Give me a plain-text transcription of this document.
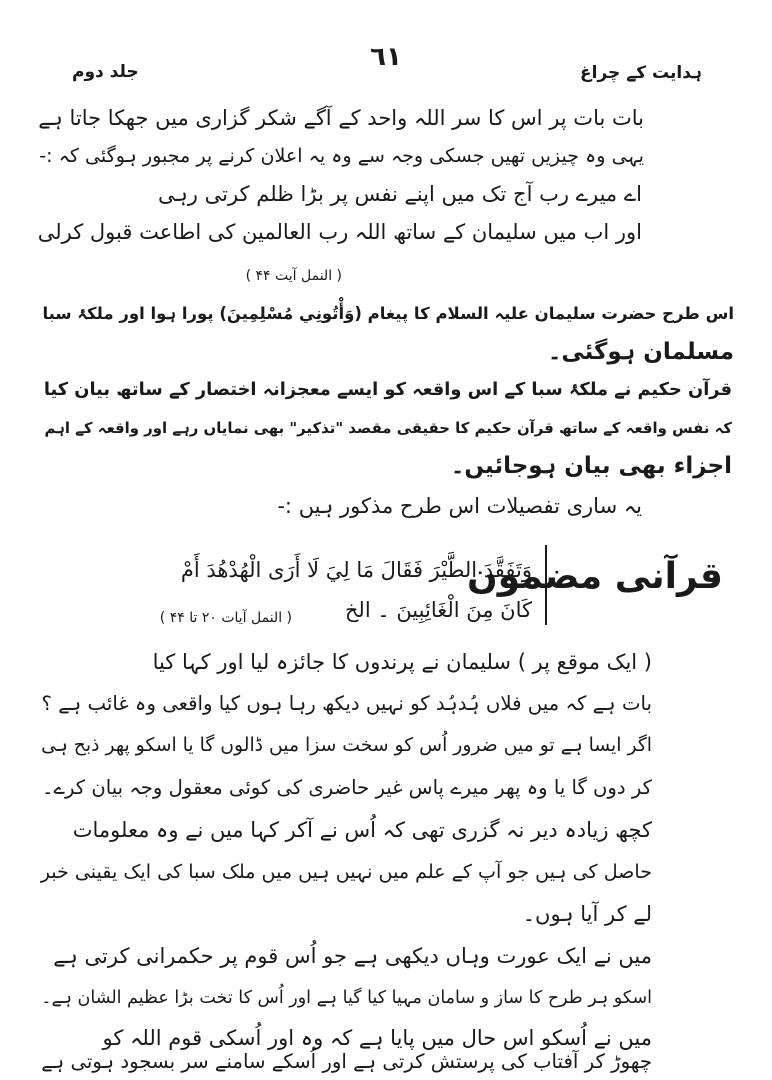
٦١
ہدایت کے چراغ
جلد دوم
بات بات پر اس کا سر اللہ واحد کے آگے شکر گزاری میں جھکا جاتا ہے
یہی وہ چیزیں تھیں جسکی وجہ سے وہ یہ اعلان کرنے پر مجبور ہوگئی کہ :-
اے میرے رب آج تک میں اپنے نفس پر بڑا ظلم کرتی رہی
اور اب میں سلیمان کے ساتھ اللہ رب العالمین کی اطاعت قبول کرلی
( النمل آیت ۴۴ )
اس طرح حضرت سلیمان علیہ السلام کا پیغام (وَأْتُونِي مُسْلِمِينَ) پورا ہوا اور ملکۂ سبا
مسلمان ہوگئی۔
قرآن حکیم نے ملکۂ سبا کے اس واقعہ کو ایسے معجزانہ اختصار کے ساتھ بیان کیا
کہ نفس واقعہ کے ساتھ قرآن حکیم کا حقیقی مقصد "تذکیر" بھی نمایاں رہے اور واقعہ کے اہم
اجزاء بھی بیان ہوجائیں۔
یہ ساری تفصیلات اس طرح مذکور ہیں :-
قرآنی مضمون
وَتَفَقَّدَ الطَّيْرَ فَقَالَ مَا لِيَ لَا أَرَى الْهُدْهُدَ أَمْ
كَانَ مِنَ الْغَائِبِينَ ۔ الخ
( النمل آیات ۲۰ تا ۴۴ )
( ایک موقع پر ) سلیمان نے پرندوں کا جائزہ لیا اور کہا کیا
بات ہے کہ میں فلاں ہُدہُد کو نہیں دیکھ رہا ہوں کیا واقعی وہ غائب ہے ؟
اگر ایسا ہے تو میں ضرور اُس کو سخت سزا میں ڈالوں گا یا اسکو پھر ذبح ہی
کر دوں گا یا وہ پھر میرے پاس غیر حاضری کی کوئی معقول وجہ بیان کرے۔
کچھ زیادہ دیر نہ گزری تھی کہ اُس نے آکر کہا میں نے وہ معلومات
حاصل کی ہیں جو آپ کے علم میں نہیں ہیں میں ملک سبا کی ایک یقینی خبر
لے کر آیا ہوں۔
میں نے ایک عورت وہاں دیکھی ہے جو اُس قوم پر حکمرانی کرتی ہے
اسکو ہر طرح کا ساز و سامان مہیا کیا گیا ہے اور اُس کا تخت بڑا عظیم الشان ہے۔
میں نے اُسکو اس حال میں پایا ہے کہ وہ اور اُسکی قوم اللہ کو
چھوڑ کر آفتاب کی پرستش کرتی ہے اور اُسکے سامنے سر بسجود ہوتی ہے
